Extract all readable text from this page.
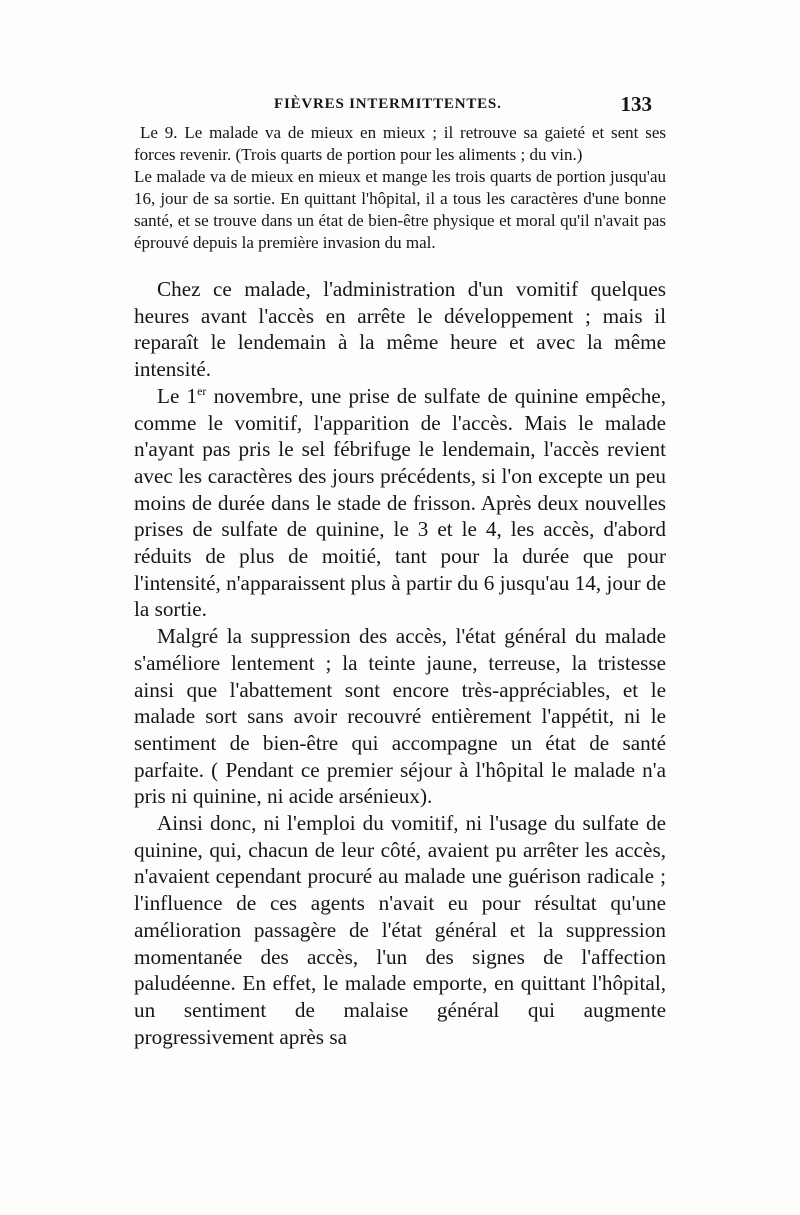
FIÈVRES INTERMITTENTES.	133

Le 9. Le malade va de mieux en mieux ; il retrouve sa gaieté et sent ses forces revenir. (Trois quarts de portion pour les aliments ; du vin.)

Le malade va de mieux en mieux et mange les trois quarts de portion jusqu'au 16, jour de sa sortie. En quittant l'hôpital, il a tous les caractères d'une bonne santé, et se trouve dans un état de bien-être physique et moral qu'il n'avait pas éprouvé depuis la première invasion du mal.

Chez ce malade, l'administration d'un vomitif quelques heures avant l'accès en arrête le développement ; mais il reparaît le lendemain à la même heure et avec la même intensité.

Le 1er novembre, une prise de sulfate de quinine empêche, comme le vomitif, l'apparition de l'accès. Mais le malade n'ayant pas pris le sel fébrifuge le lendemain, l'accès revient avec les caractères des jours précédents, si l'on excepte un peu moins de durée dans le stade de frisson. Après deux nouvelles prises de sulfate de quinine, le 3 et le 4, les accès, d'abord réduits de plus de moitié, tant pour la durée que pour l'intensité, n'apparaissent plus à partir du 6 jusqu'au 14, jour de la sortie.

Malgré la suppression des accès, l'état général du malade s'améliore lentement ; la teinte jaune, terreuse, la tristesse ainsi que l'abattement sont encore très-appréciables, et le malade sort sans avoir recouvré entièrement l'appétit, ni le sentiment de bien-être qui accompagne un état de santé parfaite. ( Pendant ce premier séjour à l'hôpital le malade n'a pris ni quinine, ni acide arsénieux).

Ainsi donc, ni l'emploi du vomitif, ni l'usage du sulfate de quinine, qui, chacun de leur côté, avaient pu arrêter les accès, n'avaient cependant procuré au malade une guérison radicale ; l'influence de ces agents n'avait eu pour résultat qu'une amélioration passagère de l'état général et la suppression momentanée des accès, l'un des signes de l'affection paludéenne. En effet, le malade emporte, en quittant l'hôpital, un sentiment de malaise général qui augmente progressivement après sa
